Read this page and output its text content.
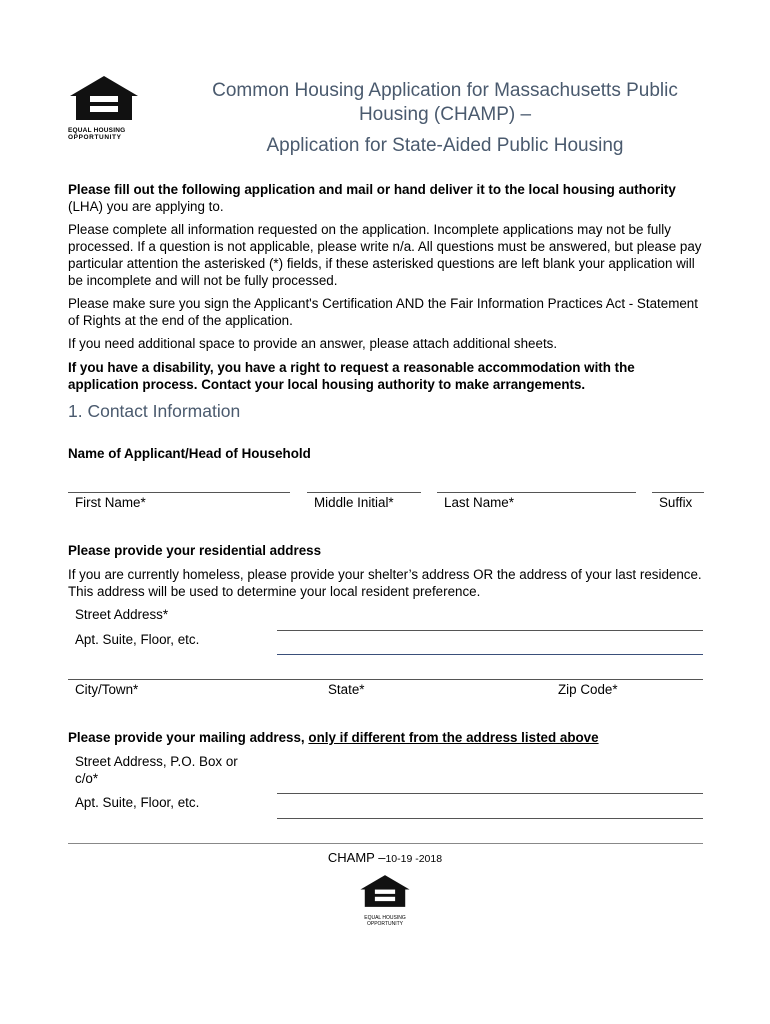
EQUAL HOUSING
OPPORTUNITY
Common Housing Application for Massachusetts Public
Housing (CHAMP) –
Application for State-Aided Public Housing
Please fill out the following application and mail or hand deliver it to the local housing authority (LHA) you are applying to.
Please complete all information requested on the application. Incomplete applications may not be fully processed. If a question is not applicable, please write n/a. All questions must be answered, but please pay particular attention the asterisked (*) fields, if these asterisked questions are left blank your application will be incomplete and will not be fully processed.
Please make sure you sign the Applicant's Certification AND the Fair Information Practices Act - Statement of Rights at the end of the application.
If you need additional space to provide an answer, please attach additional sheets.
If you have a disability, you have a right to request a reasonable accommodation with the application process. Contact your local housing authority to make arrangements.
1. Contact Information
Name of Applicant/Head of Household
First Name*	Middle Initial*	Last Name*	Suffix
Please provide your residential address
If you are currently homeless, please provide your shelter’s address OR the address of your last residence. This address will be used to determine your local resident preference.
Street Address*
Apt. Suite, Floor, etc.
City/Town*	State*	Zip Code*
Please provide your mailing address, only if different from the address listed above
Street Address, P.O. Box or c/o*
Apt. Suite, Floor, etc.
CHAMP –10-19 -2018
EQUAL HOUSING
OPPORTUNITY
